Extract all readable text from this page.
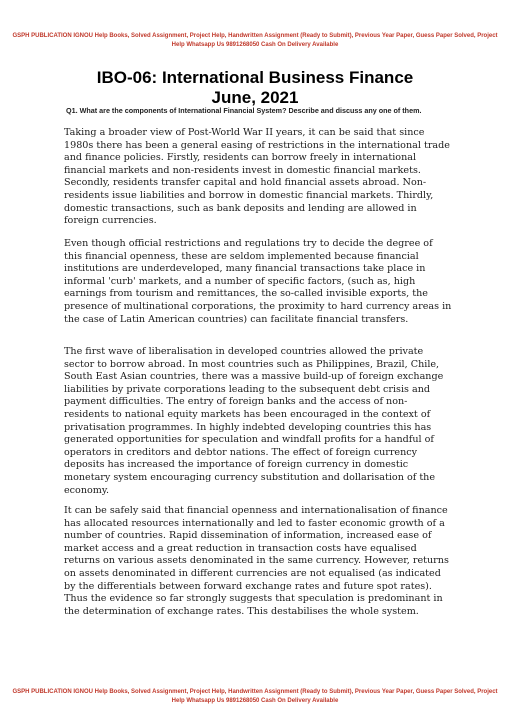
GSPH PUBLICATION IGNOU Help Books, Solved Assignment, Project Help, Handwritten Assignment (Ready to Submit), Previous Year Paper, Guess Paper Solved, Project Help Whatsapp Us 9891268050 Cash On Delivery Available
IBO-06: International Business Finance
June, 2021
Q1. What are the components of International Financial System? Describe and discuss any one of them.
Taking a broader view of Post-World War II years, it can be said that since 1980s there has been a general easing of restrictions in the international trade and finance policies. Firstly, residents can borrow freely in international financial markets and non-residents invest in domestic financial markets. Secondly, residents transfer capital and hold financial assets abroad. Non-residents issue liabilities and borrow in domestic financial markets. Thirdly, domestic transactions, such as bank deposits and lending are allowed in foreign currencies.
Even though official restrictions and regulations try to decide the degree of this financial openness, these are seldom implemented because financial institutions are underdeveloped, many financial transactions take place in informal 'curb' markets, and a number of specific factors, (such as, high earnings from tourism and remittances, the so-called invisible exports, the presence of multinational corporations, the proximity to hard currency areas in the case of Latin American countries) can facilitate financial transfers.
The first wave of liberalisation in developed countries allowed the private sector to borrow abroad. In most countries such as Philippines, Brazil, Chile, South East Asian countries, there was a massive build-up of foreign exchange liabilities by private corporations leading to the subsequent debt crisis and payment difficulties. The entry of foreign banks and the access of non-residents to national equity markets has been encouraged in the context of privatisation programmes. In highly indebted developing countries this has generated opportunities for speculation and windfall profits for a handful of operators in creditors and debtor nations. The effect of foreign currency deposits has increased the importance of foreign currency in domestic monetary system encouraging currency substitution and dollarisation of the economy.
It can be safely said that financial openness and internationalisation of finance has allocated resources internationally and led to faster economic growth of a number of countries. Rapid dissemination of information, increased ease of market access and a great reduction in transaction costs have equalised returns on various assets denominated in the same currency. However, returns on assets denominated in different currencies are not equalised (as indicated by the differentials between forward exchange rates and future spot rates). Thus the evidence so far strongly suggests that speculation is predominant in the determination of exchange rates. This destabilises the whole system.
GSPH PUBLICATION IGNOU Help Books, Solved Assignment, Project Help, Handwritten Assignment (Ready to Submit), Previous Year Paper, Guess Paper Solved, Project Help Whatsapp Us 9891268050 Cash On Delivery Available
